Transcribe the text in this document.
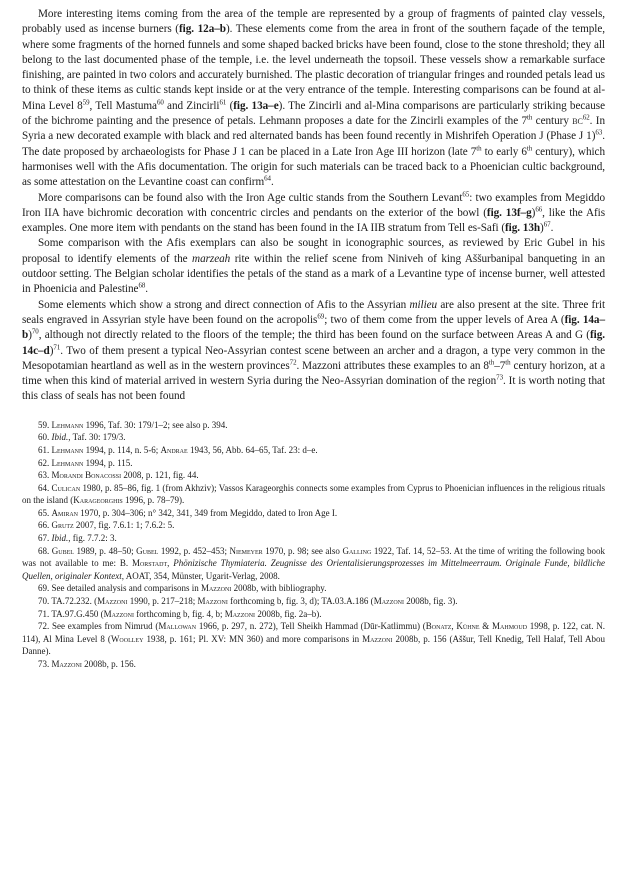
More interesting items coming from the area of the temple are represented by a group of fragments of painted clay vessels, probably used as incense burners (fig. 12a–b). These elements come from the area in front of the southern façade of the temple, where some fragments of the horned funnels and some shaped backed bricks have been found, close to the stone threshold; they all belong to the last documented phase of the temple, i.e. the level underneath the topsoil. These vessels show a remarkable surface finishing, are painted in two colors and accurately burnished. The plastic decoration of triangular fringes and rounded petals lead us to think of these items as cultic stands kept inside or at the very entrance of the temple. Interesting comparisons can be found at al-Mina Level $8^{59}$, Tell Mastuma$^{60}$ and Zincirli$^{61}$ (fig. 13a–e). The Zincirli and al-Mina comparisons are particularly striking because of the bichrome painting and the presence of petals. Lehmann proposes a date for the Zincirli examples of the 7th century $bc^{62}$. In Syria a new decorated example with black and red alternated bands has been found recently in Mishrifeh Operation J (Phase J 1)$^{63}$. The date proposed by archaeologists for Phase J 1 can be placed in a Late Iron Age III horizon (late 7th to early 6th century), which harmonises well with the Afis documentation. The origin for such materials can be traced back to a Phoenician cultic background, as some attestation on the Levantine coast can confirm$^{64}$.

More comparisons can be found also with the Iron Age cultic stands from the Southern Levant$^{65}$: two examples from Megiddo Iron IIA have bichromic decoration with concentric circles and pendants on the exterior of the bowl (fig. 13f–g)$^{66}$, like the Afis examples. One more item with pendants on the stand has been found in the IA IIB stratum from Tell es-Safi (fig. 13h)$^{67}$.

Some comparison with the Afis exemplars can also be sought in iconographic sources, as reviewed by Eric Gubel in his proposal to identify elements of the marzeah rite within the relief scene from Niniveh of king Aššurbanipal banqueting in an outdoor setting. The Belgian scholar identifies the petals of the stand as a mark of a Levantine type of incense burner, well attested in Phoenicia and Palestine$^{68}$.

Some elements which show a strong and direct connection of Afis to the Assyrian milieu are also present at the site. Three frit seals engraved in Assyrian style have been found on the acropolis$^{69}$; two of them come from the upper levels of Area A (fig. 14a–b)$^{70}$, although not directly related to the floors of the temple; the third has been found on the surface between Areas A and G (fig. 14c–d)$^{71}$. Two of them present a typical Neo-Assyrian contest scene between an archer and a dragon, a type very common in the Mesopotamian heartland as well as in the western provinces$^{72}$. Mazzoni attributes these examples to an 8th–7th century horizon, at a time when this kind of material arrived in western Syria during the Neo-Assyrian domination of the region$^{73}$. It is worth noting that this class of seals has not been found

59. Lehmann 1996, Taf. 30: 179/1–2; see also p. 394.

60. Ibid., Taf. 30: 179/3.

61. Lehmann 1994, p. 114, n. 5-6; Andrae 1943, 56, Abb. 64–65, Taf. 23: d–e.

62. Lehmann 1994, p. 115.

63. Morandi Bonacossi 2008, p. 121, fig. 44.

64. Culican 1980, p. 85–86, fig. 1 (from Akhziv); Vassos Karageorghis connects some examples from Cyprus to Phoenician influences in the religious rituals on the island (Karageorghis 1996, p. 78–79).

65. Amiran 1970, p. 304–306; n° 342, 341, 349 from Megiddo, dated to Iron Age I.

66. Grutz 2007, fig. 7.6.1: 1; 7.6.2: 5.

67. Ibid., fig. 7.7.2: 3.

68. Gubel 1989, p. 48–50; Gubel 1992, p. 452–453; Niemeyer 1970, p. 98; see also Galling 1922, Taf. 14, 52–53. At the time of writing the following book was not available to me: B. Morstadt, Phönizische Thymiateria. Zeugnisse des Orientalisierungsprozesses im Mittelmeerraum. Originale Funde, bildliche Quellen, originaler Kontext, AOAT, 354, Münster, Ugarit-Verlag, 2008.

69. See detailed analysis and comparisons in Mazzoni 2008b, with bibliography.

70. TA.72.232. (Mazzoni 1990, p. 217–218; Mazzoni forthcoming b, fig. 3, d); TA.03.A.186 (Mazzoni 2008b, fig. 3).

71. TA.97.G.450 (Mazzoni forthcoming b, fig. 4, b; Mazzoni 2008b, fig. 2a–b).

72. See examples from Nimrud (Mallowan 1966, p. 297, n. 272), Tell Sheikh Hammad (Dūr-Katlimmu) (Bonatz, Kühne & Mahmoud 1998, p. 122, cat. N. 114), Al Mina Level 8 (Woolley 1938, p. 161; Pl. XV: MN 360) and more comparisons in Mazzoni 2008b, p. 156 (Aššur, Tell Knedig, Tell Halaf, Tell Abou Danne).

73. Mazzoni 2008b, p. 156.
